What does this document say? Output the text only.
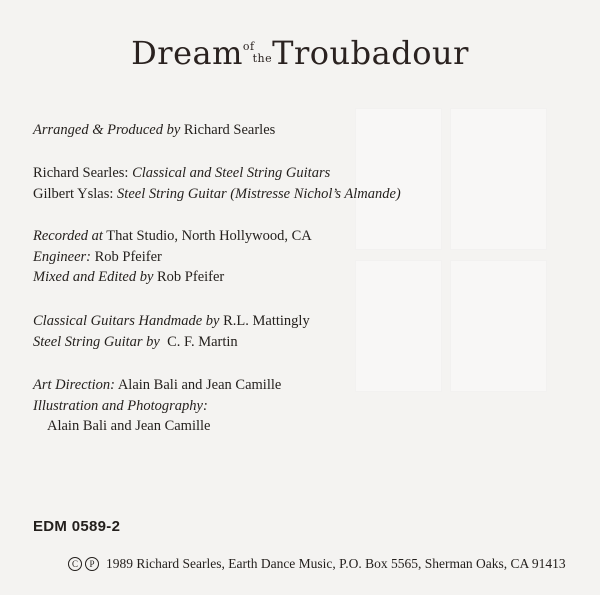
DreamoftheTroubadour
Arranged & Produced by Richard Searles
Richard Searles: Classical and Steel String Guitars
Gilbert Yslas: Steel String Guitar (Mistresse Nichol’s Almande)
Recorded at That Studio, North Hollywood, CA
Engineer: Rob Pfeifer
Mixed and Edited by Rob Pfeifer
Classical Guitars Handmade by R.L. Mattingly
Steel String Guitar by  C. F. Martin
Art Direction: Alain Bali and Jean Camille
Illustration and Photography:
Alain Bali and Jean Camille
EDM 0589-2
C	P 1989 Richard Searles, Earth Dance Music, P.O. Box 5565, Sherman Oaks, CA 91413
